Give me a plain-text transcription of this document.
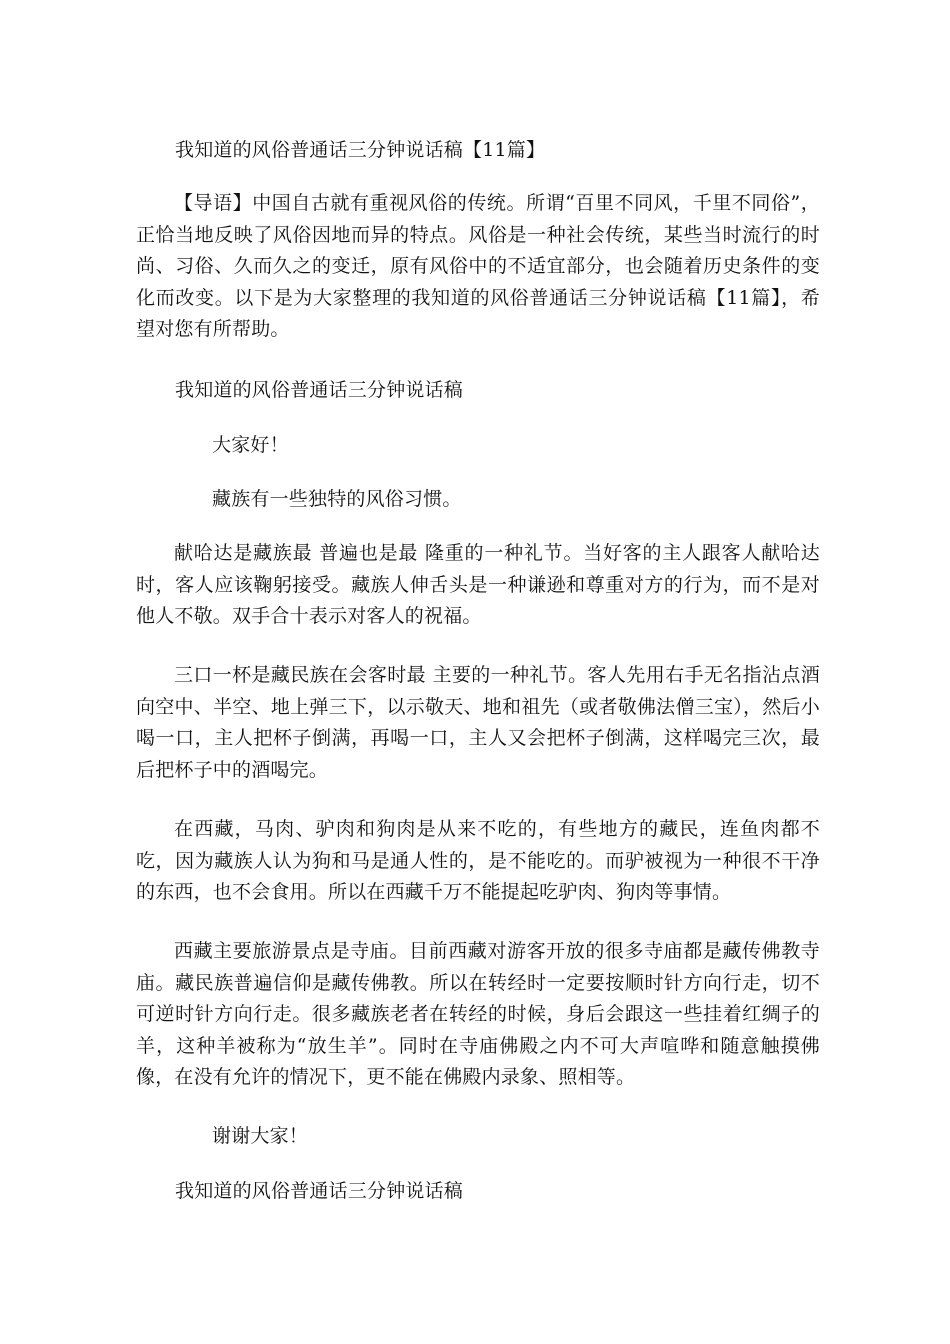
我知道的风俗普通话三分钟说话稿【11篇】

【导语】中国自古就有重视风俗的传统。所谓“百里不同风，千里不同俗”，正恰当地反映了风俗因地而异的特点。风俗是一种社会传统，某些当时流行的时尚、习俗、久而久之的变迁，原有风俗中的不适宜部分，也会随着历史条件的变化而改变。以下是为大家整理的我知道的风俗普通话三分钟说话稿【11篇】，希望对您有所帮助。

我知道的风俗普通话三分钟说话稿

大家好！

藏族有一些独特的风俗习惯。

献哈达是藏族最 普遍也是最 隆重的一种礼节。当好客的主人跟客人献哈达时，客人应该鞠躬接受。藏族人伸舌头是一种谦逊和尊重对方的行为，而不是对他人不敬。双手合十表示对客人的祝福。

三口一杯是藏民族在会客时最 主要的一种礼节。客人先用右手无名指沾点酒向空中、半空、地上弹三下，以示敬天、地和祖先（或者敬佛法僧三宝），然后小喝一口，主人把杯子倒满，再喝一口，主人又会把杯子倒满，这样喝完三次，最 后把杯子中的酒喝完。

在西藏，马肉、驴肉和狗肉是从来不吃的，有些地方的藏民，连鱼肉都不吃，因为藏族人认为狗和马是通人性的，是不能吃的。而驴被视为一种很不干净的东西，也不会食用。所以在西藏千万不能提起吃驴肉、狗肉等事情。

西藏主要旅游景点是寺庙。目前西藏对游客开放的很多寺庙都是藏传佛教寺庙。藏民族普遍信仰是藏传佛教。所以在转经时一定要按顺时针方向行走，切不可逆时针方向行走。很多藏族老者在转经的时候，身后会跟这一些挂着红绸子的羊，这种羊被称为“放生羊”。同时在寺庙佛殿之内不可大声喧哗和随意触摸佛像，在没有允许的情况下，更不能在佛殿内录象、照相等。

谢谢大家！

我知道的风俗普通话三分钟说话稿
